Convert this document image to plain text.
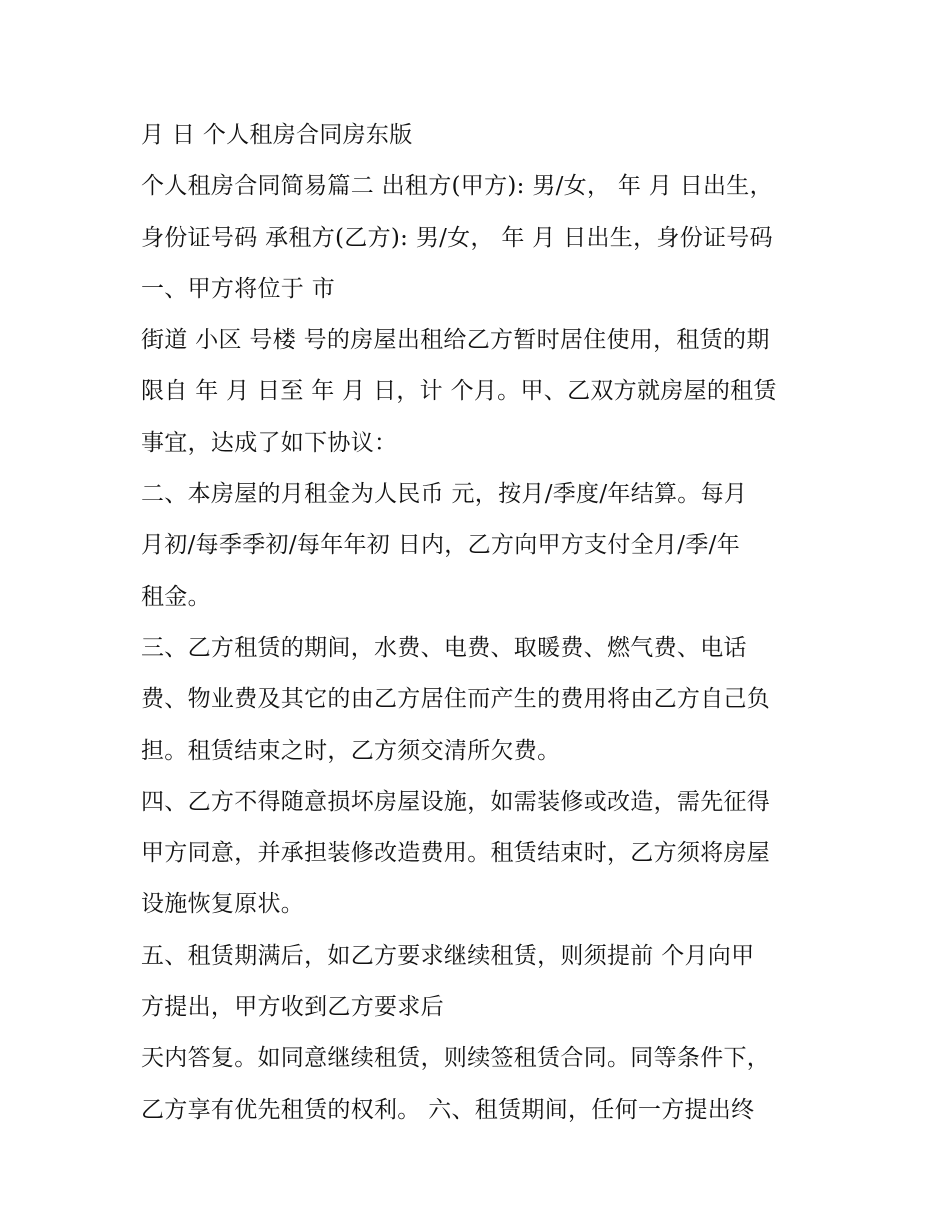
月 日 个人租房合同房东版
个人租房合同简易篇二 出租方(甲方): 男/女， 年 月 日出生，
身份证号码 承租方(乙方): 男/女， 年 月 日出生，身份证号码
一、甲方将位于 市
街道 小区 号楼 号的房屋出租给乙方暂时居住使用，租赁的期
限自 年 月 日至 年 月 日，计 个月。甲、乙双方就房屋的租赁
事宜，达成了如下协议：
二、本房屋的月租金为人民币 元，按月/季度/年结算。每月
月初/每季季初/每年年初 日内，乙方向甲方支付全月/季/年
租金。
三、乙方租赁的期间，水费、电费、取暖费、燃气费、电话
费、物业费及其它的由乙方居住而产生的费用将由乙方自己负
担。租赁结束之时，乙方须交清所欠费。
四、乙方不得随意损坏房屋设施，如需装修或改造，需先征得
甲方同意，并承担装修改造费用。租赁结束时，乙方须将房屋
设施恢复原状。
五、租赁期满后，如乙方要求继续租赁，则须提前 个月向甲
方提出，甲方收到乙方要求后
天内答复。如同意继续租赁，则续签租赁合同。同等条件下，
乙方享有优先租赁的权利。 六、租赁期间，任何一方提出终
